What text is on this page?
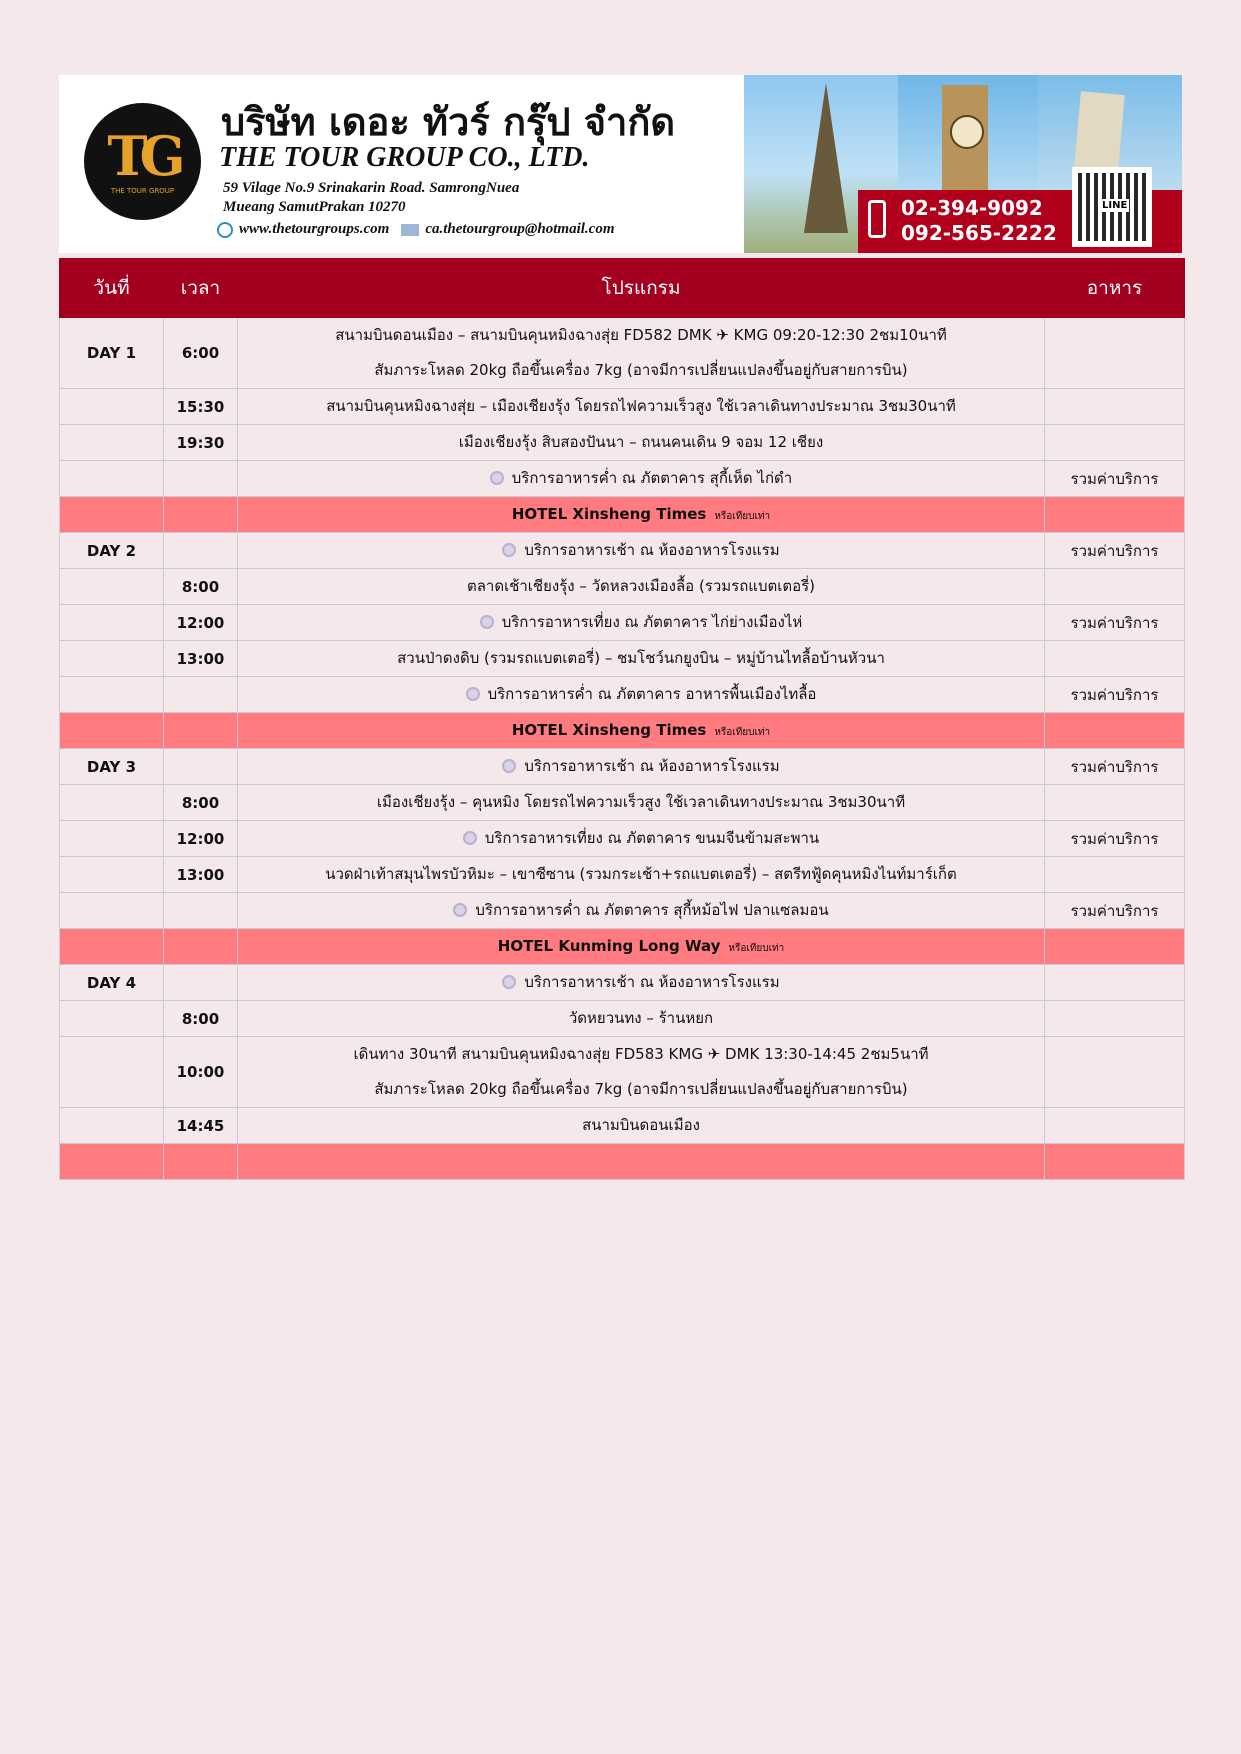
TG
THE TOUR GROUP
บริษัท เดอะ ทัวร์ กรุ๊ป จำกัด
THE TOUR GROUP CO., LTD.
59 Vilage No.9 Srinakarin Road. SamrongNuea
Mueang SamutPrakan 10270
www.thetourgroups.com ca.thetourgroup@hotmail.com
02-394-9092
092-565-2222
LINE
วันที่	เวลา	โปรแกรม	อาหาร
DAY 1	6:00	สนามบินดอนเมือง – สนามบินคุนหมิงฉางสุ่ย FD582 DMK ✈ KMG 09:20-12:30 2ชม10นาที
สัมภาระโหลด 20kg ถือขึ้นเครื่อง 7kg (อาจมีการเปลี่ยนแปลงขึ้นอยู่กับสายการบิน)	
	15:30	สนามบินคุนหมิงฉางสุ่ย – เมืองเชียงรุ้ง โดยรถไฟความเร็วสูง ใช้เวลาเดินทางประมาณ 3ชม30นาที	
	19:30	เมืองเชียงรุ้ง สิบสองปันนา – ถนนคนเดิน 9 จอม 12 เชียง	
		บริการอาหารค่ำ ณ ภัตตาคาร สุกี้เห็ด ไก่ดำ	รวมค่าบริการ
		HOTEL Xinsheng Times หรือเทียบเท่า	
DAY 2		บริการอาหารเช้า ณ ห้องอาหารโรงแรม	รวมค่าบริการ
	8:00	ตลาดเช้าเชียงรุ้ง – วัดหลวงเมืองลื้อ (รวมรถแบตเตอรี่)	
	12:00	บริการอาหารเที่ยง ณ ภัตตาคาร ไก่ย่างเมืองไห่	รวมค่าบริการ
	13:00	สวนป่าดงดิบ (รวมรถแบตเตอรี่) – ชมโชว์นกยูงบิน – หมู่บ้านไทลื้อบ้านหัวนา	
		บริการอาหารค่ำ ณ ภัตตาคาร อาหารพื้นเมืองไทลื้อ	รวมค่าบริการ
		HOTEL Xinsheng Times หรือเทียบเท่า	
DAY 3		บริการอาหารเช้า ณ ห้องอาหารโรงแรม	รวมค่าบริการ
	8:00	เมืองเชียงรุ้ง – คุนหมิง โดยรถไฟความเร็วสูง ใช้เวลาเดินทางประมาณ 3ชม30นาที	
	12:00	บริการอาหารเที่ยง ณ ภัตตาคาร ขนมจีนข้ามสะพาน	รวมค่าบริการ
	13:00	นวดฝ่าเท้าสมุนไพรบัวหิมะ – เขาซีซาน (รวมกระเช้า+รถแบตเตอรี่) – สตรีทฟู้ดคุนหมิงไนท์มาร์เก็ต	
		บริการอาหารค่ำ ณ ภัตตาคาร สุกี้หม้อไฟ ปลาแซลมอน	รวมค่าบริการ
		HOTEL Kunming Long Way หรือเทียบเท่า	
DAY 4		บริการอาหารเช้า ณ ห้องอาหารโรงแรม	
	8:00	วัดหยวนทง – ร้านหยก	
	10:00	เดินทาง 30นาที สนามบินคุนหมิงฉางสุ่ย FD583 KMG ✈ DMK 13:30-14:45 2ชม5นาที
สัมภาระโหลด 20kg ถือขึ้นเครื่อง 7kg (อาจมีการเปลี่ยนแปลงขึ้นอยู่กับสายการบิน)	
	14:45	สนามบินดอนเมือง	
